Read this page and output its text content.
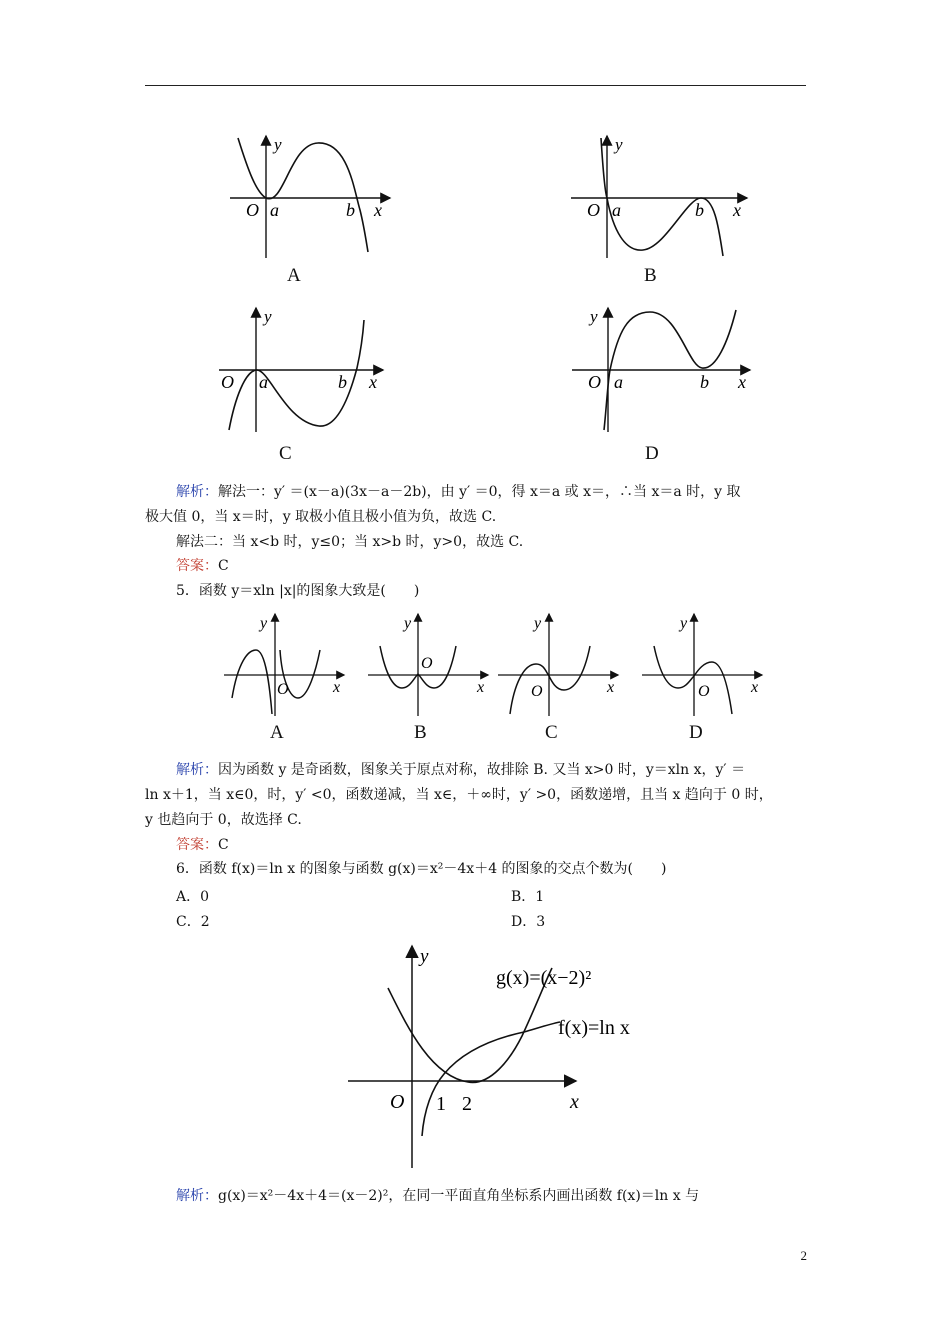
y
O a	b x
A
y
O a	b x
B
y
O a	b x
C
y
O a	b x
D
解析：解法一：y′ ＝(x－a)(3x－a－2b)，由 y′ ＝0，得 x＝a 或 x＝，∴当 x＝a 时，y 取
极大值 0，当 x＝时，y 取极小值且极小值为负，故选 C.
解法二：当 x<b 时，y≤0；当 x>b 时，y>0，故选 C.
答案：C
5．函数 y＝xln |x|的图象大致是(　　)
y
O	x
A
y
O
x
B
y
O	x
C
y
O	x
D
解析：因为函数 y 是奇函数，图象关于原点对称，故排除 B. 又当 x>0 时，y＝xln x，y′ ＝
ln x＋1，当 x∈0，时，y′ <0，函数递减，当 x∈，＋∞时，y′ >0，函数递增，且当 x 趋向于 0 时，
y 也趋向于 0，故选择 C.
答案：C
6．函数 f(x)＝ln x 的图象与函数 g(x)＝x²－4x＋4 的图象的交点个数为(　　)
A．0	B．1
C．2	D．3
g(x)=(x−2)²
f(x)=ln x
y
O 1 2	x
解析：g(x)＝x²－4x＋4＝(x－2)²，在同一平面直角坐标系内画出函数 f(x)＝ln x 与
2
